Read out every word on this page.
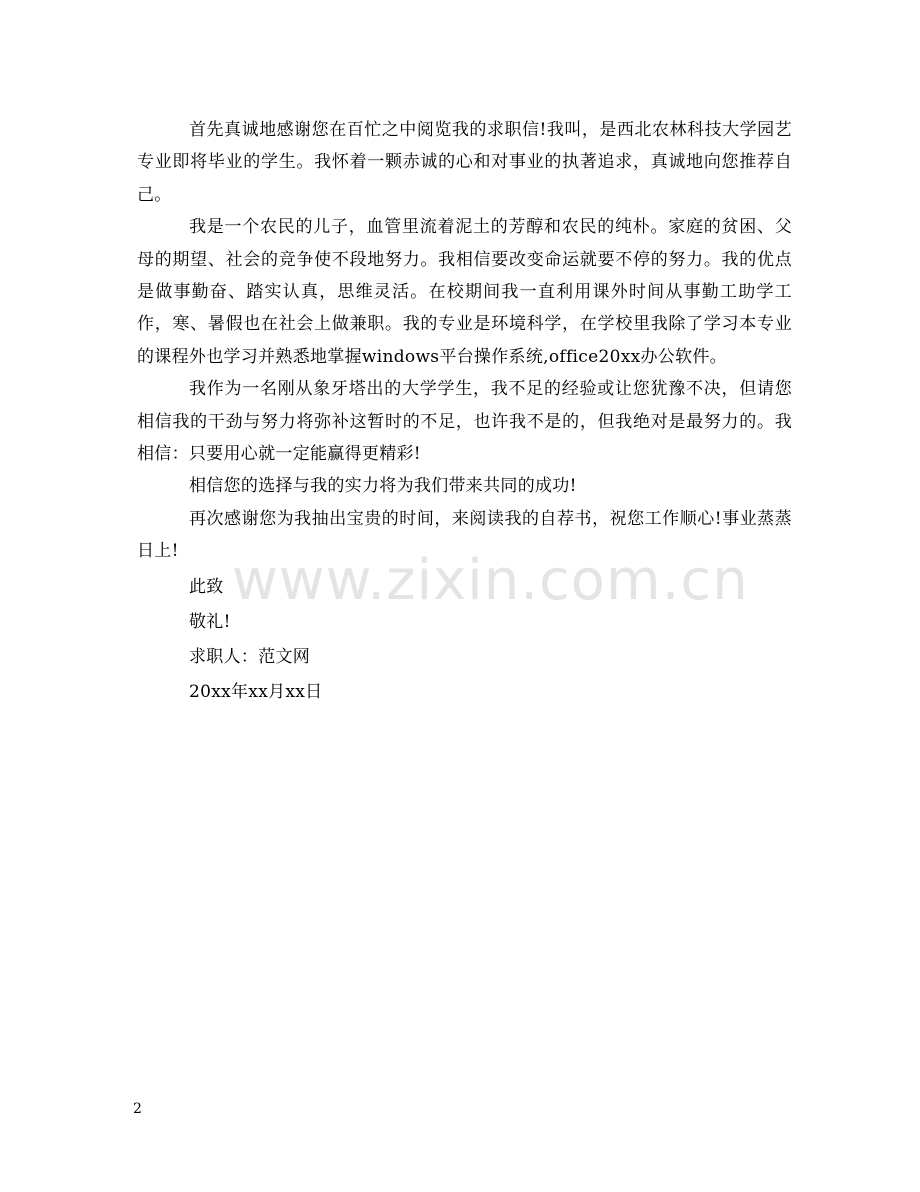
首先真诚地感谢您在百忙之中阅览我的求职信!我叫，是西北农林科技大学园艺专业即将毕业的学生。我怀着一颗赤诚的心和对事业的执著追求，真诚地向您推荐自己。

我是一个农民的儿子，血管里流着泥土的芳醇和农民的纯朴。家庭的贫困、父母的期望、社会的竞争使不段地努力。我相信要改变命运就要不停的努力。我的优点是做事勤奋、踏实认真，思维灵活。在校期间我一直利用课外时间从事勤工助学工作，寒、暑假也在社会上做兼职。我的专业是环境科学，在学校里我除了学习本专业的课程外也学习并熟悉地掌握windows平台操作系统,office20xx办公软件。

我作为一名刚从象牙塔出的大学学生，我不足的经验或让您犹豫不决，但请您相信我的干劲与努力将弥补这暂时的不足，也许我不是的，但我绝对是最努力的。我相信：只要用心就一定能赢得更精彩!

相信您的选择与我的实力将为我们带来共同的成功!

再次感谢您为我抽出宝贵的时间，来阅读我的自荐书，祝您工作顺心!事业蒸蒸日上!

此致

敬礼!

求职人：范文网

20xx年xx月xx日

www.zixin.com.cn
2
